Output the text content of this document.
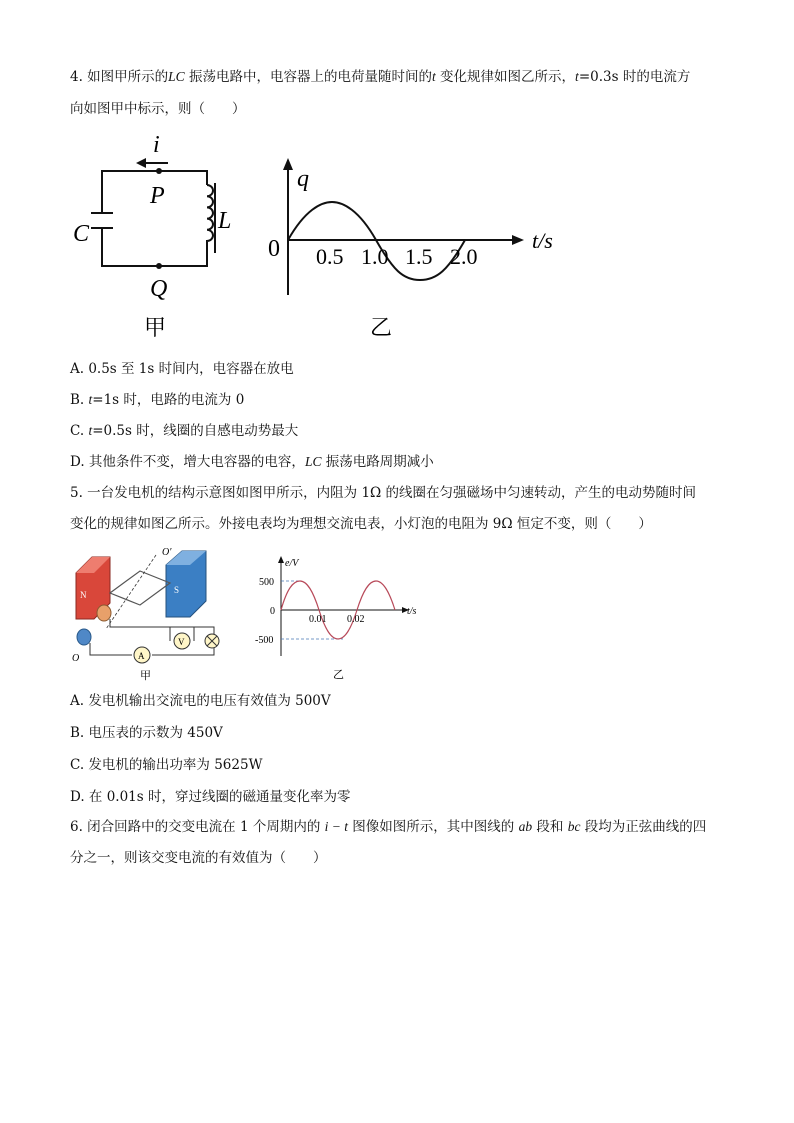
4. 如图甲所示的LC 振荡电路中，电容器上的电荷量随时间的t 变化规律如图乙所示，t=0.3s 时的电流方
向如图甲中标示，则（　　）
i
P
Q
C	L
甲
q
0	t/s
0.5 1.0 1.5 2.0
乙
A. 0.5s 至 1s 时间内，电容器在放电
B. t=1s 时，电路的电流为 0
C. t=0.5s 时，线圈的自感电动势最大
D. 其他条件不变，增大电容器的电容，LC 振荡电路周期减小
5. 一台发电机的结构示意图如图甲所示，内阻为 1Ω 的线圈在匀强磁场中匀速转动，产生的电动势随时间
变化的规律如图乙所示。外接电表均为理想交流电表，小灯泡的电阻为 9Ω 恒定不变，则（　　）
N	S
O′
O	A
V
甲
e/V
500
0
-500
0.01 0.02
t/s
乙
A. 发电机输出交流电的电压有效值为 500V
B. 电压表的示数为 450V
C. 发电机的输出功率为 5625W
D. 在 0.01s 时，穿过线圈的磁通量变化率为零
6. 闭合回路中的交变电流在 1 个周期内的 i − t 图像如图所示，其中图线的 ab 段和 bc 段均为正弦曲线的四
分之一，则该交变电流的有效值为（　　）
